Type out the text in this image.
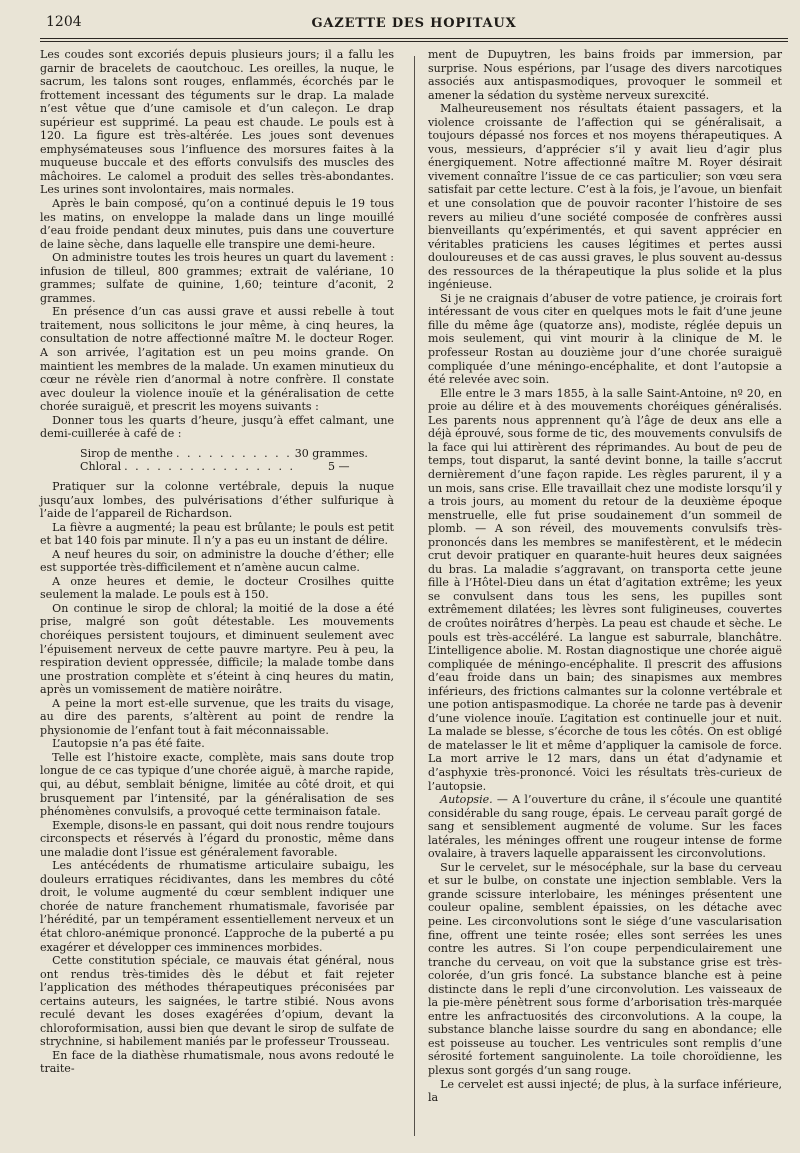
1204	GAZETTE DES HOPITAUX

Les coudes sont excoriés depuis plusieurs jours; il a fallu les garnir de bracelets de caoutchouc. Les oreilles, la nuque, le sacrum, les talons sont rouges, enflammés, écorchés par le frottement incessant des téguments sur le drap. La malade n’est vêtue que d’une camisole et d’un caleçon. Le drap supérieur est supprimé. La peau est chaude. Le pouls est à 120. La figure est très-altérée. Les joues sont devenues emphysémateuses sous l’influence des morsures faites à la muqueuse buccale et des efforts convulsifs des muscles des mâchoires. Le calomel a produit des selles très-abondantes. Les urines sont involontaires, mais normales.

Après le bain composé, qu’on a continué depuis le 19 tous les matins, on enveloppe la malade dans un linge mouillé d’eau froide pendant deux minutes, puis dans une couverture de laine sèche, dans laquelle elle transpire une demi-heure.

On administre toutes les trois heures un quart du lavement : infusion de tilleul, 800 grammes; extrait de valériane, 10 grammes; sulfate de quinine, 1,60; teinture d’aconit, 2 grammes.

En présence d’un cas aussi grave et aussi rebelle à tout traitement, nous sollicitons le jour même, à cinq heures, la consultation de notre affectionné maître M. le docteur Roger. A son arrivée, l’agitation est un peu moins grande. On maintient les membres de la malade. Un examen minutieux du cœur ne révèle rien d’anormal à notre confrère. Il constate avec douleur la violence inouïe et la généralisation de cette chorée suraiguë, et prescrit les moyens suivants :

Donner tous les quarts d’heure, jusqu’à effet calmant, une demi-cuillerée à café de :

Sirop de menthe . . . . . . . . . . . 30 grammes.
Chloral . . . . . . . . . . . . . . . .	5 —

Pratiquer sur la colonne vertébrale, depuis la nuque jusqu’aux lombes, des pulvérisations d’éther sulfurique à l’aide de l’appareil de Richardson.

La fièvre a augmenté; la peau est brûlante; le pouls est petit et bat 140 fois par minute. Il n’y a pas eu un instant de délire.

A neuf heures du soir, on administre la douche d’éther; elle est supportée très-difficilement et n’amène aucun calme.

A onze heures et demie, le docteur Crosilhes quitte seulement la malade. Le pouls est à 150.

On continue le sirop de chloral; la moitié de la dose a été prise, malgré son goût détestable. Les mouvements choréiques persistent toujours, et diminuent seulement avec l’épuisement nerveux de cette pauvre martyre. Peu à peu, la respiration devient oppressée, difficile; la malade tombe dans une prostration complète et s’éteint à cinq heures du matin, après un vomissement de matière noirâtre.

A peine la mort est-elle survenue, que les traits du visage, au dire des parents, s’altèrent au point de rendre la physionomie de l’enfant tout à fait méconnaissable.

L’autopsie n’a pas été faite.

Telle est l’histoire exacte, complète, mais sans doute trop longue de ce cas typique d’une chorée aiguë, à marche rapide, qui, au début, semblait bénigne, limitée au côté droit, et qui brusquement par l’intensité, par la généralisation de ses phénomènes convulsifs, a provoqué cette terminaison fatale.

Exemple, disons-le en passant, qui doit nous rendre toujours circonspects et réservés à l’égard du pronostic, même dans une maladie dont l’issue est généralement favorable.

Les antécédents de rhumatisme articulaire subaigu, les douleurs erratiques récidivantes, dans les membres du côté droit, le volume augmenté du cœur semblent indiquer une chorée de nature franchement rhumatismale, favorisée par l’hérédité, par un tempérament essentiellement nerveux et un état chloro-anémique prononcé. L’approche de la puberté a pu exagérer et développer ces imminences morbides.

Cette constitution spéciale, ce mauvais état général, nous ont rendus très-timides dès le début et fait rejeter l’application des méthodes thérapeutiques préconisées par certains auteurs, les saignées, le tartre stibié. Nous avons reculé devant les doses exagérées d’opium, devant la chloroformisation, aussi bien que devant le sirop de sulfate de strychnine, si habilement maniés par le professeur Trousseau.

En face de la diathèse rhumatismale, nous avons redouté le traite-

ment de Dupuytren, les bains froids par immersion, par surprise. Nous espérions, par l’usage des divers narcotiques associés aux antispasmodiques, provoquer le sommeil et amener la sédation du système nerveux surexcité.

Malheureusement nos résultats étaient passagers, et la violence croissante de l’affection qui se généralisait, a toujours dépassé nos forces et nos moyens thérapeutiques. A vous, messieurs, d’apprécier s’il y avait lieu d’agir plus énergiquement. Notre affectionné maître M. Royer désirait vivement connaître l’issue de ce cas particulier; son vœu sera satisfait par cette lecture. C’est à la fois, je l’avoue, un bienfait et une consolation que de pouvoir raconter l’histoire de ses revers au milieu d’une société composée de confrères aussi bienveillants qu’expérimentés, et qui savent apprécier en véritables praticiens les causes légitimes et pertes aussi douloureuses et de cas aussi graves, le plus souvent au-dessus des ressources de la thérapeutique la plus solide et la plus ingénieuse.

Si je ne craignais d’abuser de votre patience, je croirais fort intéressant de vous citer en quelques mots le fait d’une jeune fille du même âge (quatorze ans), modiste, réglée depuis un mois seulement, qui vint mourir à la clinique de M. le professeur Rostan au douzième jour d’une chorée suraiguë compliquée d’une méningo-encéphalite, et dont l’autopsie a été relevée avec soin.

Elle entre le 3 mars 1855, à la salle Saint-Antoine, nº 20, en proie au délire et à des mouvements choréiques généralisés. Les parents nous apprennent qu’à l’âge de deux ans elle a déjà éprouvé, sous forme de tic, des mouvements convulsifs de la face qui lui attirèrent des réprimandes. Au bout de peu de temps, tout disparut, la santé devint bonne, la taille s’accrut dernièrement d’une façon rapide. Les règles parurent, il y a un mois, sans crise. Elle travaillait chez une modiste lorsqu’il y a trois jours, au moment du retour de la deuxième époque menstruelle, elle fut prise soudainement d’un sommeil de plomb. — A son réveil, des mouvements convulsifs très-prononcés dans les membres se manifestèrent, et le médecin crut devoir pratiquer en quarante-huit heures deux saignées du bras. La maladie s’aggravant, on transporta cette jeune fille à l’Hôtel-Dieu dans un état d’agitation extrême; les yeux se convulsent dans tous les sens, les pupilles sont extrêmement dilatées; les lèvres sont fuligineuses, couvertes de croûtes noirâtres d’herpès. La peau est chaude et sèche. Le pouls est très-accéléré. La langue est saburrale, blanchâtre. L’intelligence abolie. M. Rostan diagnostique une chorée aiguë compliquée de méningo-encéphalite. Il prescrit des affusions d’eau froide dans un bain; des sinapismes aux membres inférieurs, des frictions calmantes sur la colonne vertébrale et une potion antispasmodique. La chorée ne tarde pas à devenir d’une violence inouïe. L’agitation est continuelle jour et nuit. La malade se blesse, s’écorche de tous les côtés. On est obligé de matelasser le lit et même d’appliquer la camisole de force. La mort arrive le 12 mars, dans un état d’adynamie et d’asphyxie très-prononcé. Voici les résultats très-curieux de l’autopsie.

Autopsie. — A l’ouverture du crâne, il s’écoule une quantité considérable du sang rouge, épais. Le cerveau paraît gorgé de sang et sensiblement augmenté de volume. Sur les faces latérales, les méninges offrent une rougeur intense de forme ovalaire, à travers laquelle apparaissent les circonvolutions.

Sur le cervelet, sur le mésocéphale, sur la base du cerveau et sur le bulbe, on constate une injection semblable. Vers la grande scissure interlobaire, les méninges présentent une couleur opaline, semblent épaissies, on les détache avec peine. Les circonvolutions sont le siége d’une vascularisation fine, offrent une teinte rosée; elles sont serrées les unes contre les autres. Si l’on coupe perpendiculairement une tranche du cerveau, on voit que la substance grise est très-colorée, d’un gris foncé. La substance blanche est à peine distincte dans le repli d’une circonvolution. Les vaisseaux de la pie-mère pénètrent sous forme d’arborisation très-marquée entre les anfractuosités des circonvolutions. A la coupe, la substance blanche laisse sourdre du sang en abondance; elle est poisseuse au toucher. Les ventricules sont remplis d’une sérosité fortement sanguinolente. La toile choroïdienne, les plexus sont gorgés d’un sang rouge.

Le cervelet est aussi injecté; de plus, à la surface inférieure, la
